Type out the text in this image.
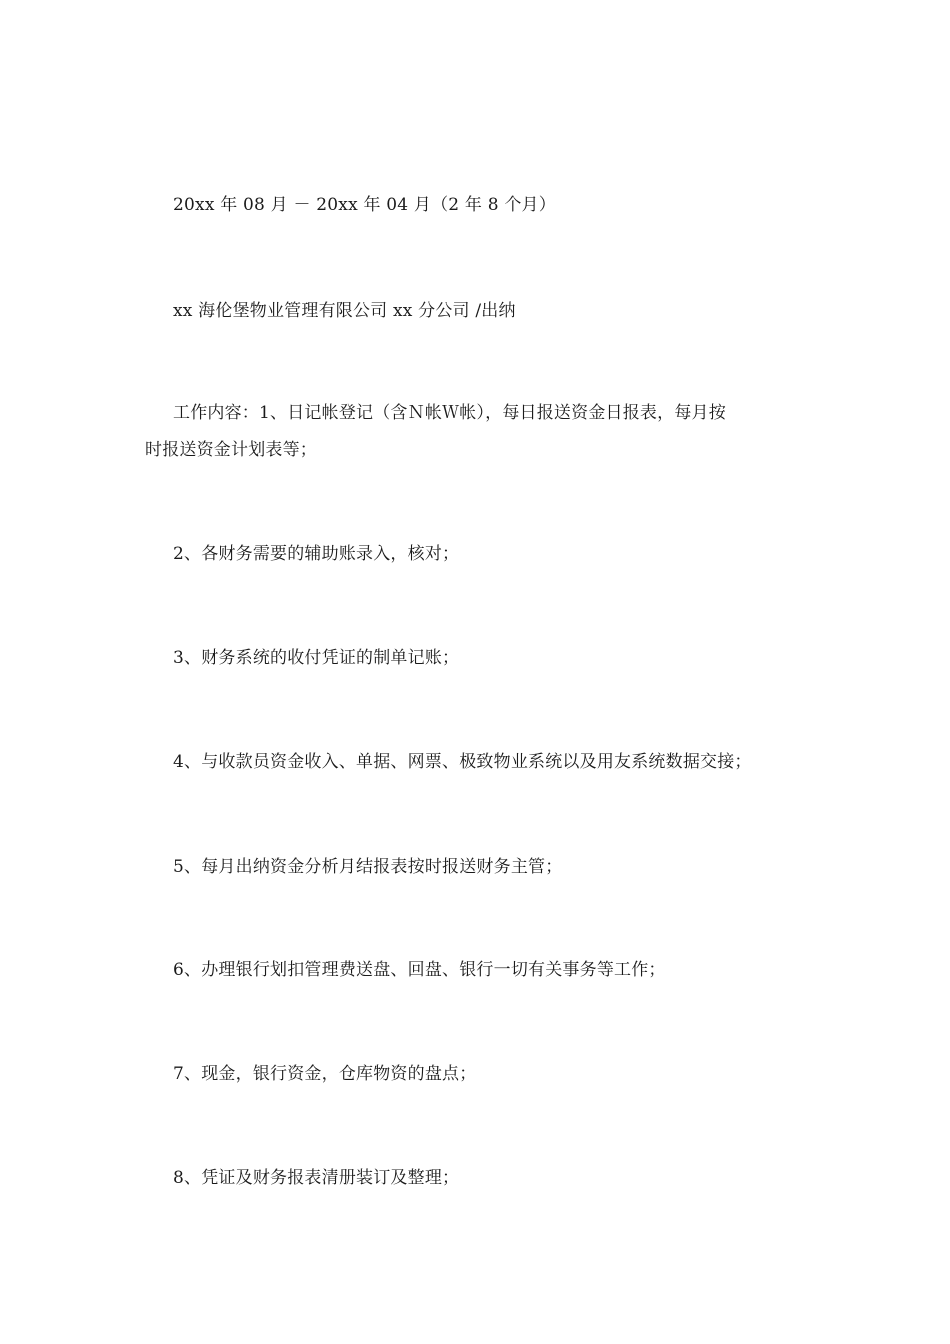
20xx 年 08 月 － 20xx 年 04 月（2 年 8 个月）
xx 海伦堡物业管理有限公司 xx 分公司 /出纳
工作内容：1、日记帐登记（含Ｎ帐Ｗ帐），每日报送资金日报表，每月按
时报送资金计划表等；
2、各财务需要的辅助账录入，核对；
3、财务系统的收付凭证的制单记账；
4、与收款员资金收入、单据、网票、极致物业系统以及用友系统数据交接；
5、每月出纳资金分析月结报表按时报送财务主管；
6、办理银行划扣管理费送盘、回盘、银行一切有关事务等工作；
7、现金，银行资金，仓库物资的盘点；
8、凭证及财务报表清册装订及整理；
